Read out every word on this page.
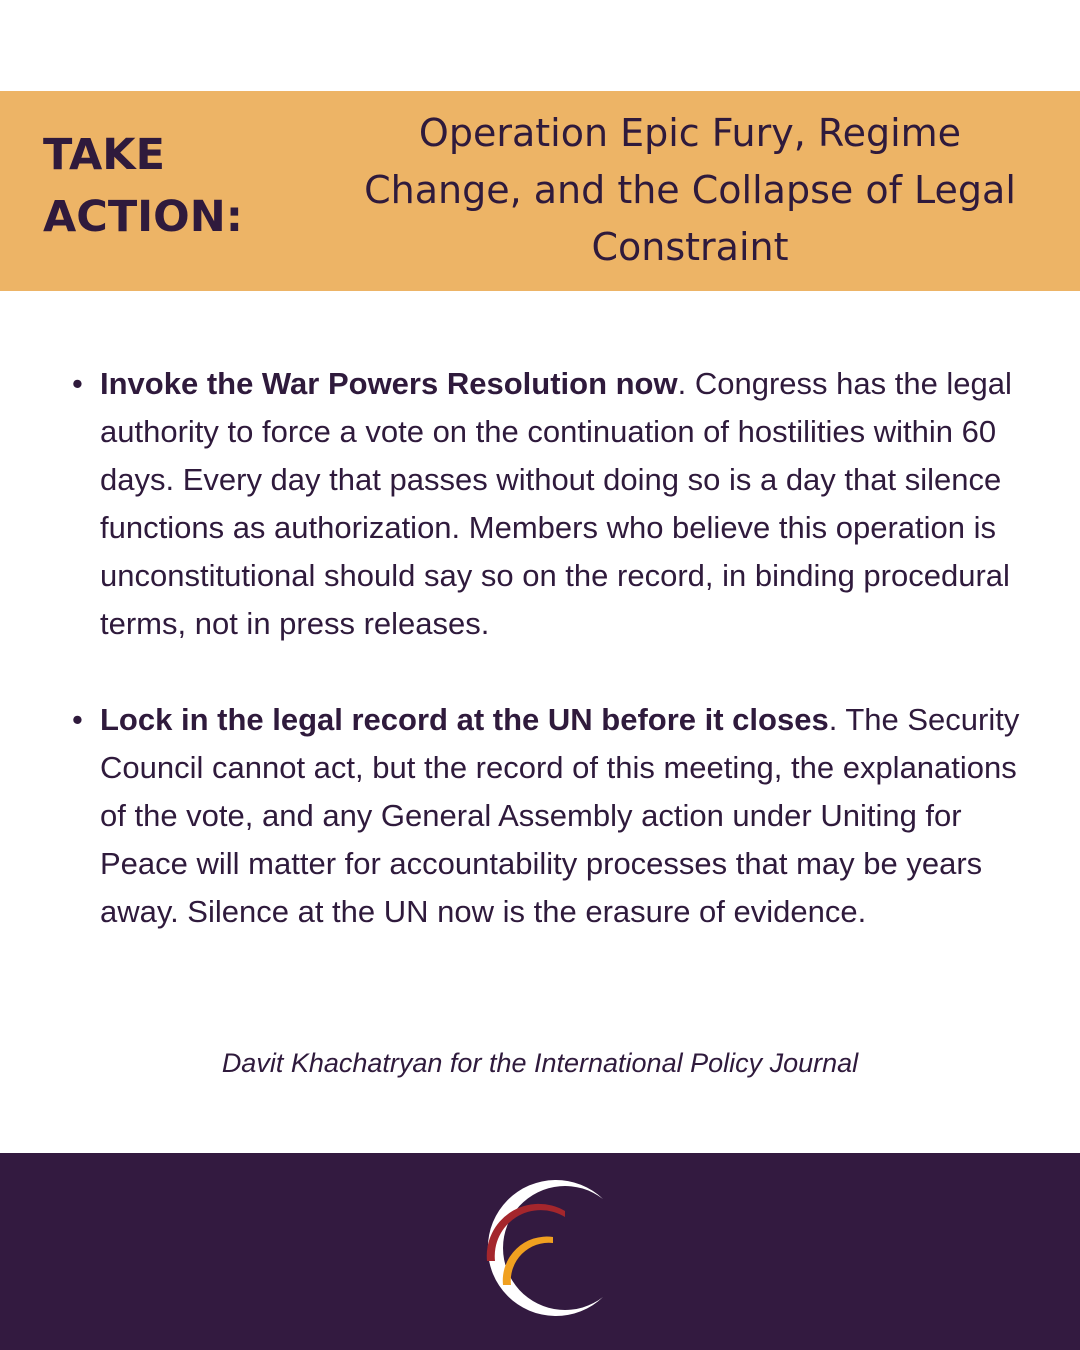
TAKE
ACTION:
Operation Epic Fury, Regime Change, and the Collapse of Legal Constraint
• Invoke the War Powers Resolution now. Congress has the legal authority to force a vote on the continuation of hostilities within 60 days. Every day that passes without doing so is a day that silence functions as authorization. Members who believe this operation is unconstitutional should say so on the record, in binding procedural terms, not in press releases.
• Lock in the legal record at the UN before it closes. The Security Council cannot act, but the record of this meeting, the explanations of the vote, and any General Assembly action under Uniting for Peace will matter for accountability processes that may be years away. Silence at the UN now is the erasure of evidence.

Davit Khachatryan for the International Policy Journal
